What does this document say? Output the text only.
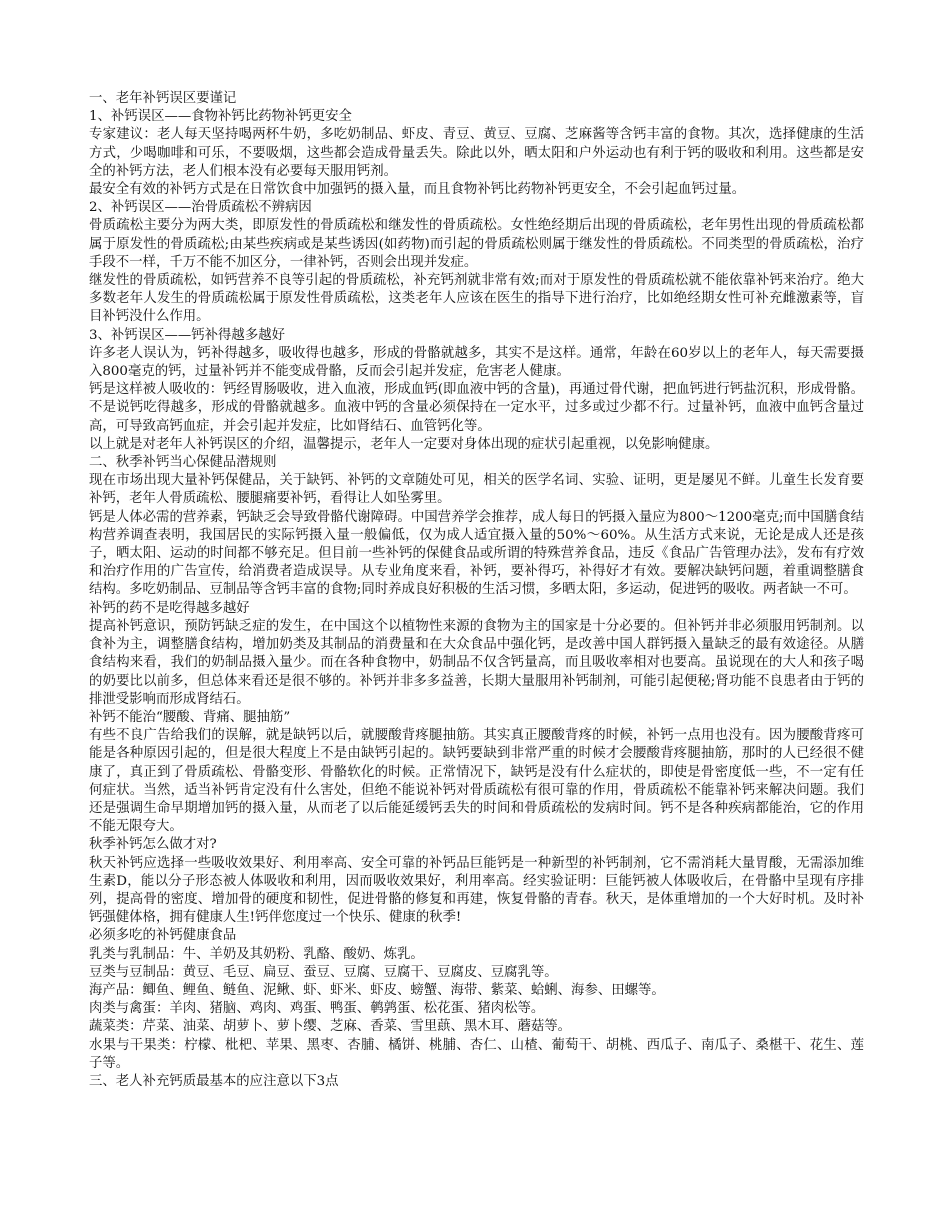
一、老年补钙误区要谨记

1、补钙误区——食物补钙比药物补钙更安全

专家建议：老人每天坚持喝两杯牛奶，多吃奶制品、虾皮、青豆、黄豆、豆腐、芝麻酱等含钙丰富的食物。其次，选择健康的生活方式，少喝咖啡和可乐，不要吸烟，这些都会造成骨量丢失。除此以外，晒太阳和户外运动也有利于钙的吸收和利用。这些都是安全的补钙方法，老人们根本没有必要每天服用钙剂。

最安全有效的补钙方式是在日常饮食中加强钙的摄入量，而且食物补钙比药物补钙更安全，不会引起血钙过量。

2、补钙误区——治骨质疏松不辨病因

骨质疏松主要分为两大类，即原发性的骨质疏松和继发性的骨质疏松。女性绝经期后出现的骨质疏松，老年男性出现的骨质疏松都属于原发性的骨质疏松;由某些疾病或是某些诱因(如药物)而引起的骨质疏松则属于继发性的骨质疏松。不同类型的骨质疏松，治疗手段不一样，千万不能不加区分，一律补钙，否则会出现并发症。

继发性的骨质疏松，如钙营养不良等引起的骨质疏松，补充钙剂就非常有效;而对于原发性的骨质疏松就不能依靠补钙来治疗。绝大多数老年人发生的骨质疏松属于原发性骨质疏松，这类老年人应该在医生的指导下进行治疗，比如绝经期女性可补充雌激素等，盲目补钙没什么作用。

3、补钙误区——钙补得越多越好

许多老人误认为，钙补得越多，吸收得也越多，形成的骨骼就越多，其实不是这样。通常，年龄在60岁以上的老年人，每天需要摄入800毫克的钙，过量补钙并不能变成骨骼，反而会引起并发症，危害老人健康。

钙是这样被人吸收的：钙经胃肠吸收，进入血液，形成血钙(即血液中钙的含量)，再通过骨代谢，把血钙进行钙盐沉积，形成骨骼。不是说钙吃得越多，形成的骨骼就越多。血液中钙的含量必须保持在一定水平，过多或过少都不行。过量补钙，血液中血钙含量过高，可导致高钙血症，并会引起并发症，比如肾结石、血管钙化等。

以上就是对老年人补钙误区的介绍，温馨提示，老年人一定要对身体出现的症状引起重视，以免影响健康。

二、秋季补钙当心保健品潜规则

现在市场出现大量补钙保健品，关于缺钙、补钙的文章随处可见，相关的医学名词、实验、证明，更是屡见不鲜。儿童生长发育要补钙，老年人骨质疏松、腰腿痛要补钙，看得让人如坠雾里。

钙是人体必需的营养素，钙缺乏会导致骨骼代谢障碍。中国营养学会推荐，成人每日的钙摄入量应为800～1200毫克;而中国膳食结构营养调查表明，我国居民的实际钙摄入量一般偏低，仅为成人适宜摄入量的50%～60%。从生活方式来说，无论是成人还是孩子，晒太阳、运动的时间都不够充足。但目前一些补钙的保健食品或所谓的特殊营养食品，违反《食品广告管理办法》，发布有疗效和治疗作用的广告宣传，给消费者造成误导。从专业角度来看，补钙，要补得巧，补得好才有效。要解决缺钙问题，着重调整膳食结构。多吃奶制品、豆制品等含钙丰富的食物;同时养成良好积极的生活习惯，多晒太阳，多运动，促进钙的吸收。两者缺一不可。

补钙的药不是吃得越多越好

提高补钙意识，预防钙缺乏症的发生，在中国这个以植物性来源的食物为主的国家是十分必要的。但补钙并非必须服用钙制剂。以食补为主，调整膳食结构，增加奶类及其制品的消费量和在大众食品中强化钙，是改善中国人群钙摄入量缺乏的最有效途径。从膳食结构来看，我们的奶制品摄入量少。而在各种食物中，奶制品不仅含钙量高，而且吸收率相对也要高。虽说现在的大人和孩子喝的奶要比以前多，但总体来看还是很不够的。补钙并非多多益善，长期大量服用补钙制剂，可能引起便秘;肾功能不良患者由于钙的排泄受影响而形成肾结石。

补钙不能治“腰酸、背痛、腿抽筋”

有些不良广告给我们的误解，就是缺钙以后，就腰酸背疼腿抽筋。其实真正腰酸背疼的时候，补钙一点用也没有。因为腰酸背疼可能是各种原因引起的，但是很大程度上不是由缺钙引起的。缺钙要缺到非常严重的时候才会腰酸背疼腿抽筋，那时的人已经很不健康了，真正到了骨质疏松、骨骼变形、骨骼软化的时候。正常情况下，缺钙是没有什么症状的，即使是骨密度低一些，不一定有任何症状。当然，适当补钙肯定没有什么害处，但绝不能说补钙对骨质疏松有很可靠的作用，骨质疏松不能靠补钙来解决问题。我们还是强调生命早期增加钙的摄入量，从而老了以后能延缓钙丢失的时间和骨质疏松的发病时间。钙不是各种疾病都能治，它的作用不能无限夸大。

秋季补钙怎么做才对?

秋天补钙应选择一些吸收效果好、利用率高、安全可靠的补钙品巨能钙是一种新型的补钙制剂，它不需消耗大量胃酸，无需添加维生素D，能以分子形态被人体吸收和利用，因而吸收效果好，利用率高。经实验证明：巨能钙被人体吸收后，在骨骼中呈现有序排列，提高骨的密度、增加骨的硬度和韧性，促进骨骼的修复和再建，恢复骨骼的青春。秋天，是体重增加的一个大好时机。及时补钙强健体格，拥有健康人生!钙伴您度过一个快乐、健康的秋季!

必须多吃的补钙健康食品

乳类与乳制品：牛、羊奶及其奶粉、乳酪、酸奶、炼乳。

豆类与豆制品：黄豆、毛豆、扁豆、蚕豆、豆腐、豆腐干、豆腐皮、豆腐乳等。

海产品：鲫鱼、鲤鱼、鲢鱼、泥鳅、虾、虾米、虾皮、螃蟹、海带、紫菜、蛤蜊、海参、田螺等。

肉类与禽蛋：羊肉、猪脑、鸡肉、鸡蛋、鸭蛋、鹌鹑蛋、松花蛋、猪肉松等。

蔬菜类：芹菜、油菜、胡萝卜、萝卜缨、芝麻、香菜、雪里蕻、黑木耳、蘑菇等。

水果与干果类：柠檬、枇杷、苹果、黑枣、杏脯、橘饼、桃脯、杏仁、山楂、葡萄干、胡桃、西瓜子、南瓜子、桑椹干、花生、莲子等。

三、老人补充钙质最基本的应注意以下3点
